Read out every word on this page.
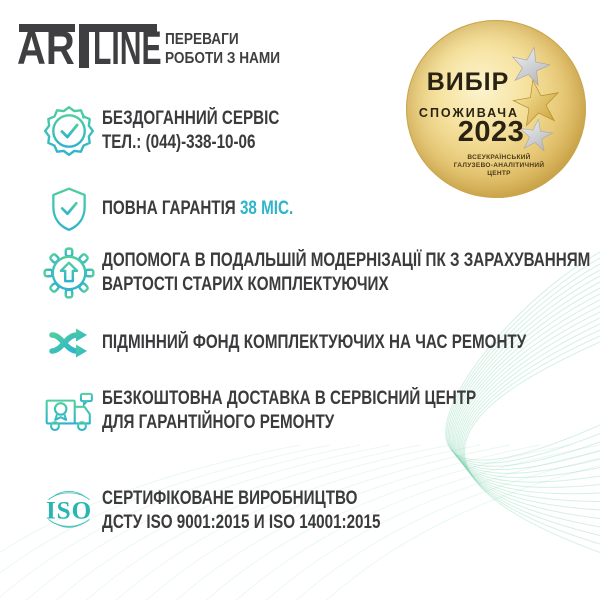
AR LINE ПЕРЕВАГИ
РОБОТИ З НАМИ
ВИБІР
СПОЖИВАЧА
2023
ВСЕУКРАЇНСЬКИЙ
ГАЛУЗЕВО-АНАЛІТИЧНИЙ
ЦЕНТР
БЕЗДОГАННИЙ СЕРВІС
ТЕЛ.: (044)-338-10-06
ПОВНА ГАРАНТІЯ 38 МІС.
ДОПОМОГА В ПОДАЛЬШІЙ МОДЕРНІЗАЦІЇ ПК З ЗАРАХУВАННЯМ
ВАРТОСТІ СТАРИХ КОМПЛЕКТУЮЧИХ
ПІДМІННИЙ ФОНД КОМПЛЕКТУЮЧИХ НА ЧАС РЕМОНТУ
БЕЗКОШТОВНА ДОСТАВКА В СЕРВІСНИЙ ЦЕНТР
ДЛЯ ГАРАНТІЙНОГО РЕМОНТУ
ISO СЕРТИФІКОВАНЕ ВИРОБНИЦТВО
ДСТУ ISO 9001:2015 И ISO 14001:2015
